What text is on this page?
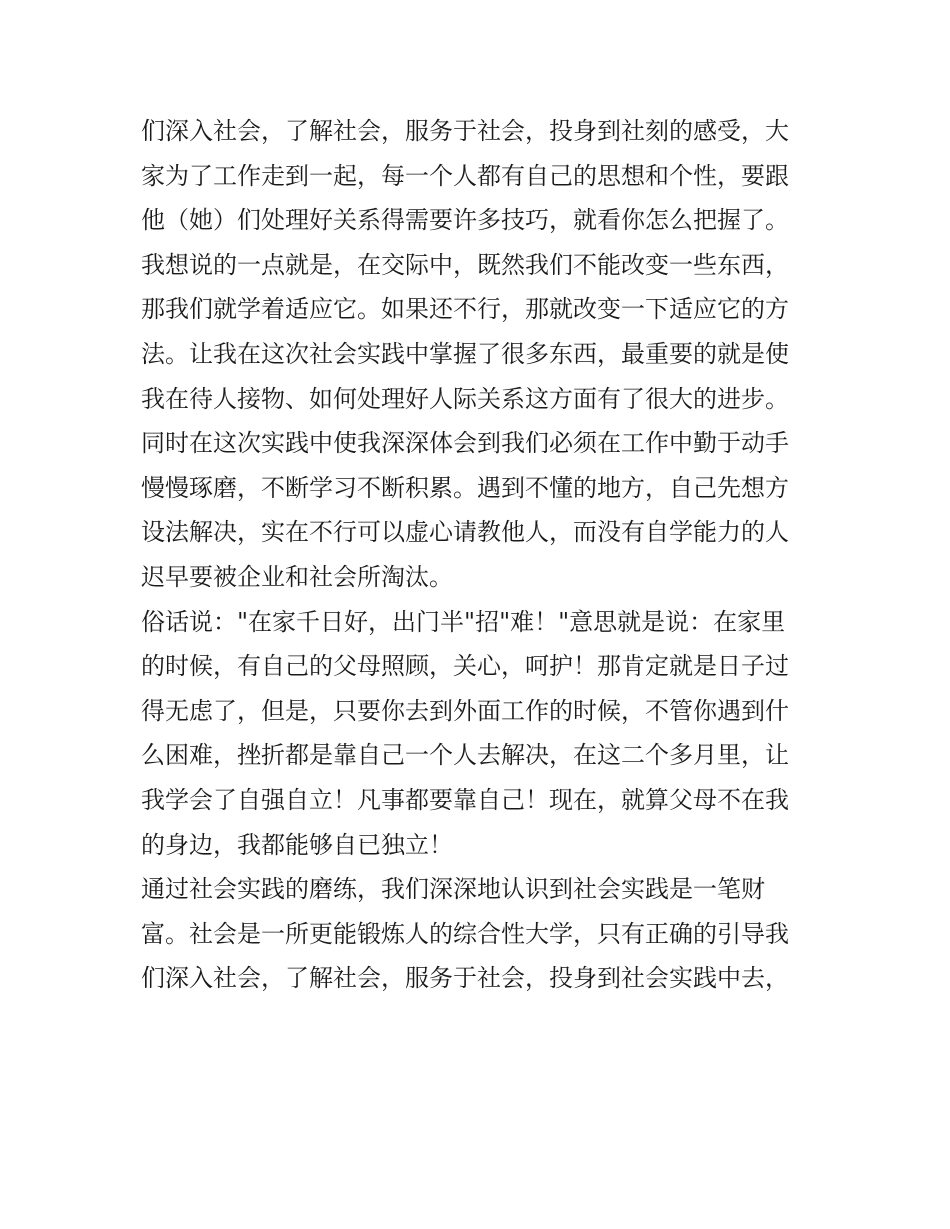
们深入社会，了解社会，服务于社会，投身到社刻的感受，大
家为了工作走到一起，每一个人都有自己的思想和个性，要跟
他（她）们处理好关系得需要许多技巧，就看你怎么把握了。
我想说的一点就是，在交际中，既然我们不能改变一些东西，
那我们就学着适应它。如果还不行，那就改变一下适应它的方
法。让我在这次社会实践中掌握了很多东西，最重要的就是使
我在待人接物、如何处理好人际关系这方面有了很大的进步。
同时在这次实践中使我深深体会到我们必须在工作中勤于动手
慢慢琢磨，不断学习不断积累。遇到不懂的地方，自己先想方
设法解决，实在不行可以虚心请教他人，而没有自学能力的人
迟早要被企业和社会所淘汰。
俗话说："在家千日好，出门半"招"难！"意思就是说：在家里
的时候，有自己的父母照顾，关心，呵护！那肯定就是日子过
得无虑了，但是，只要你去到外面工作的时候，不管你遇到什
么困难，挫折都是靠自己一个人去解决，在这二个多月里，让
我学会了自强自立！凡事都要靠自己！现在，就算父母不在我
的身边，我都能够自已独立！
通过社会实践的磨练，我们深深地认识到社会实践是一笔财
富。社会是一所更能锻炼人的综合性大学，只有正确的引导我
们深入社会，了解社会，服务于社会，投身到社会实践中去，
